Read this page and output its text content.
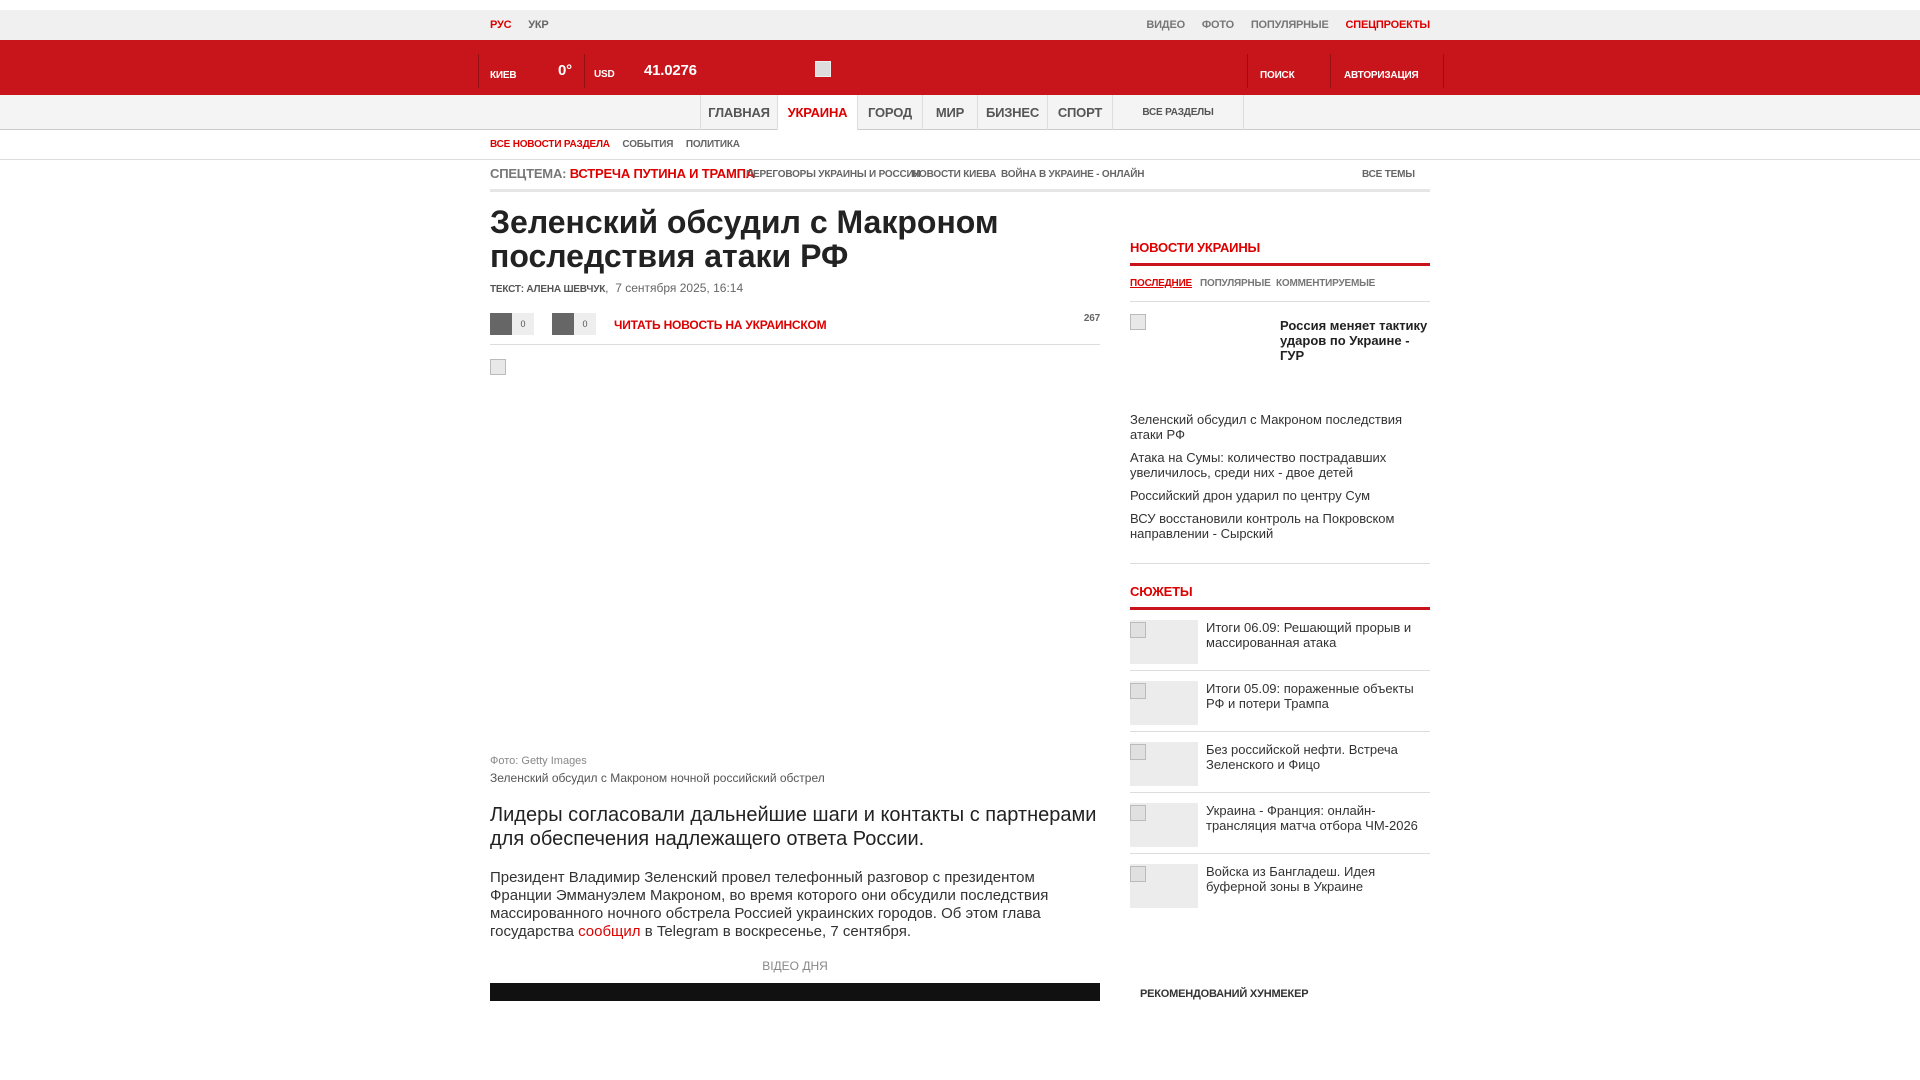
РУС УКР	ВИДЕО ФОТО ПОПУЛЯРНЫЕ СПЕЦПРОЕКТЫ
КИЕВ	0° USD 41.0276	ПОИСК	АВТОРИЗАЦИЯ
ГЛАВНАЯ	УКРАИНА	ГОРОД	МИР	БИЗНЕС	СПОРТ	ВСЕ РАЗДЕЛЫ
ВСЕ НОВОСТИ РАЗДЕЛА СОБЫТИЯ ПОЛИТИКА
СПЕЦТЕМА: ВСТРЕЧА ПУТИНА И ТРАМПА
ПЕРЕГОВОРЫ УКРАИНЫ И РОССИИ
НОВОСТИ КИЕВА ВОЙНА В УКРАИНЕ - ОНЛАЙН	ВСЕ ТЕМЫ
Зеленский обсудил с Макроном последствия атаки РФ
ТЕКСТ: АЛЕНА ШЕВЧУК,  7 сентября 2025, 16:14
0	0	ЧИТАТЬ НОВОСТЬ НА УКРАИНСКОМ	267
Фото: Getty Images
Зеленский обсудил с Макроном ночной российский обстрел

Лидеры согласовали дальнейшие шаги и контакты с партнерами для обеспечения надлежащего ответа России.

Президент Владимир Зеленский провел телефонный разговор с президентом Франции Эммануэлем Макроном, во время которого они обсудили последствия массированного ночного обстрела Россией украинских городов. Об этом глава государства сообщил в Telegram в воскресенье, 7 сентября.

ВІДЕО ДНЯ
НОВОСТИ УКРАИНЫ
ПОСЛЕДНИЕ ПОПУЛЯРНЫЕ КОММЕНТИРУЕМЫЕ
Россия меняет тактику ударов по Украине - ГУР
Зеленский обсудил с Макроном последствия атаки РФ
Атака на Сумы: количество пострадавших увеличилось, среди них - двое детей
Российский дрон ударил по центру Сум
ВСУ восстановили контроль на Покровском направлении - Сырский
СЮЖЕТЫ
Итоги 06.09: Решающий прорыв и массированная атака
Итоги 05.09: пораженные объекты РФ и потери Трампа
Без российской нефти. Встреча Зеленского и Фицо
Украина - Франция: онлайн-трансляция матча отбора ЧМ-2026
Войска из Бангладеш. Идея буферной зоны в Украине
РЕКОМЕНДОВАНИЙ ХУНМЕКЕР
